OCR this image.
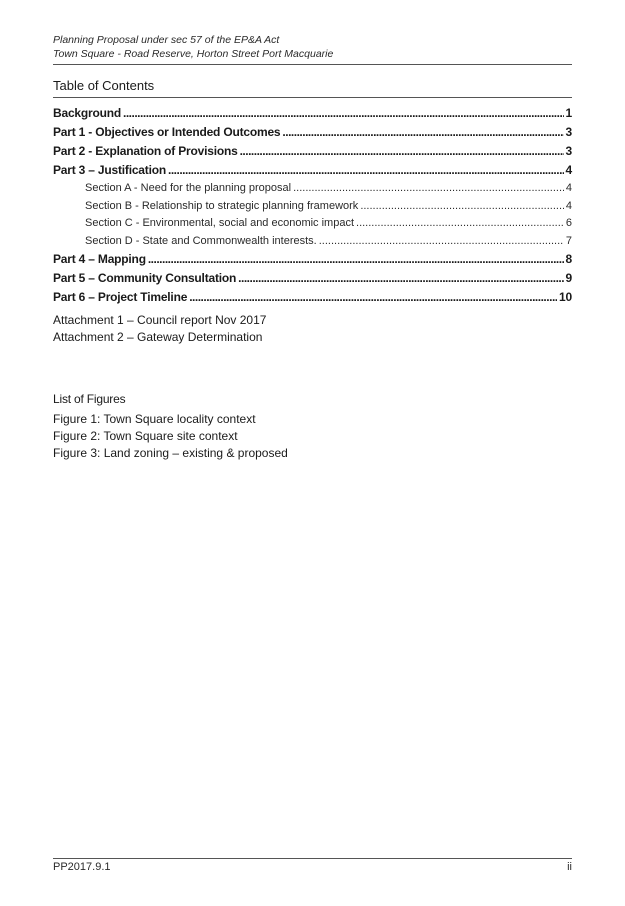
Planning Proposal under sec 57 of the EP&A Act
Town Square - Road Reserve, Horton Street Port Macquarie
Table of Contents
Background .....	1
Part 1 - Objectives or Intended Outcomes .....	3
Part 2 - Explanation of Provisions .....	3
Part 3 – Justification .....	4
Section A - Need for the planning proposal .....	4
Section B - Relationship to strategic planning framework .....	4
Section C - Environmental, social and economic impact .....	6
Section D - State and Commonwealth interests. .....	7
Part 4 – Mapping .....	8
Part 5 – Community Consultation .....	9
Part 6 – Project Timeline .....	10
Attachment 1 – Council report Nov 2017
Attachment 2 – Gateway Determination
List of Figures
Figure 1: Town Square locality context
Figure 2: Town Square site context
Figure 3: Land zoning – existing & proposed
PP2017.9.1	ii
